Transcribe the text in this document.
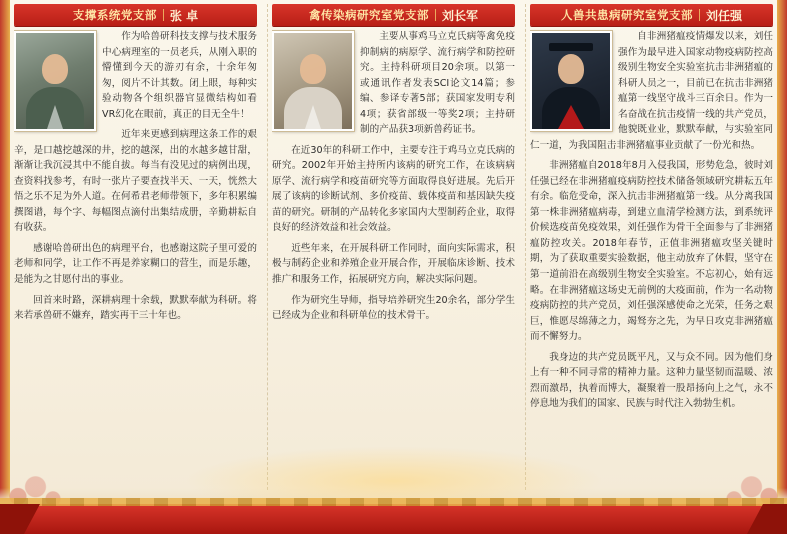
支撑系统党支部 张 卓

作为哈兽研科技支撑与技术服务中心病理室的一员老兵，从刚入职的懵懂到今天的游刃有余，十余年匆匆，阅片不计其数。闭上眼，每种实验动物各个组织器官显微结构如看VR幻化在眼前，真正的目无全牛！

近年来更感到病理这条工作的艰辛，是口越挖越深的井，挖的越深，出的水越多越甘甜，渐渐让我沉浸其中不能自拔。每当有没见过的病例出现，查资料找参考，有时一张片子要查找半天、一天，恍然大悟之乐不足为外人道。在何希君老师带领下，多年积累编撰图谱，每个字、每幅图点滴付出集结成册，辛勤耕耘自有收获。

感谢哈兽研出色的病理平台，也感谢这院子里可爱的老师和同学，让工作不再是养家糊口的营生，而是乐趣，是能为之甘愿付出的事业。

回首来时路，深耕病理十余载，默默奉献为科研。将来若承兽研不嫌弃，踏实再干三十年也。

禽传染病研究室党支部 刘长军

主要从事鸡马立克氏病等禽免疫抑制病的病原学、流行病学和防控研究。主持科研项目20余项。以第一或通讯作者发表SCI论文14篇；参编、参译专著5部；获国家发明专利4项；获省部级一等奖2项；主持研制的产品获3项新兽药证书。

在近30年的科研工作中，主要专注于鸡马立克氏病的研究。2002年开始主持所内该病的研究工作，在该病病原学、流行病学和疫苗研究等方面取得良好进展。先后开展了该病的诊断试剂、多价疫苗、载体疫苗和基因缺失疫苗的研究。研制的产品转化多家国内大型制药企业，取得良好的经济效益和社会效益。

近些年来，在开展科研工作同时，面向实际需求，积极与制药企业和养殖企业开展合作，开展临床诊断、技术推广和服务工作，拓展研究方向，解决实际问题。

作为研究生导师，指导培养研究生20余名，部分学生已经成为企业和科研单位的技术骨干。

人兽共患病研究室党支部 刘任强

自非洲猪瘟疫情爆发以来，刘任强作为最早进入国家动物疫病防控高级别生物安全实验室抗击非洲猪瘟的科研人员之一，目前已在抗击非洲猪瘟第一线坚守战斗三百余日。作为一名奋战在抗击疫情一线的共产党员，他貌既业业，默默奉献，与实验室同仁一道，为我国阻击非洲猪瘟事业贡献了一份光和热。

非洲猪瘟自2018年8月入侵我国，形势危急，彼时刘任强已经在非洲猪瘟疫病防控技术储备领域研究耕耘五年有余。临危受命，深入抗击非洲猪瘟第一线。从分离我国第一株非洲猪瘟病毒，到建立血清学检测方法，到系统评价候选疫苗免疫效果，刘任强作为骨干全面参与了非洲猪瘟防控攻关。2018年春节，正值非洲猪瘟攻坚关键时期，为了获取重要实验数据，他主动放弃了休假，坚守在第一道前沿在高级别生物安全实验室。不忘初心，始有远略。在非洲猪瘟这场史无前例的大疫面前，作为一名动物疫病防控的共产党员，刘任强深感使命之光荣，任务之艰巨，惟愿尽绵薄之力，竭驽夯之先，为早日攻克非洲猪瘟而不懈努力。

我身边的共产党员既平凡，又与众不同。因为他们身上有一种不同寻常的精神力量。这种力量坚韧而温暖、浓烈而激昂，执着而博大，凝聚着一股昂扬向上之气，永不停息地为我们的国家、民族与时代注入勃勃生机。
